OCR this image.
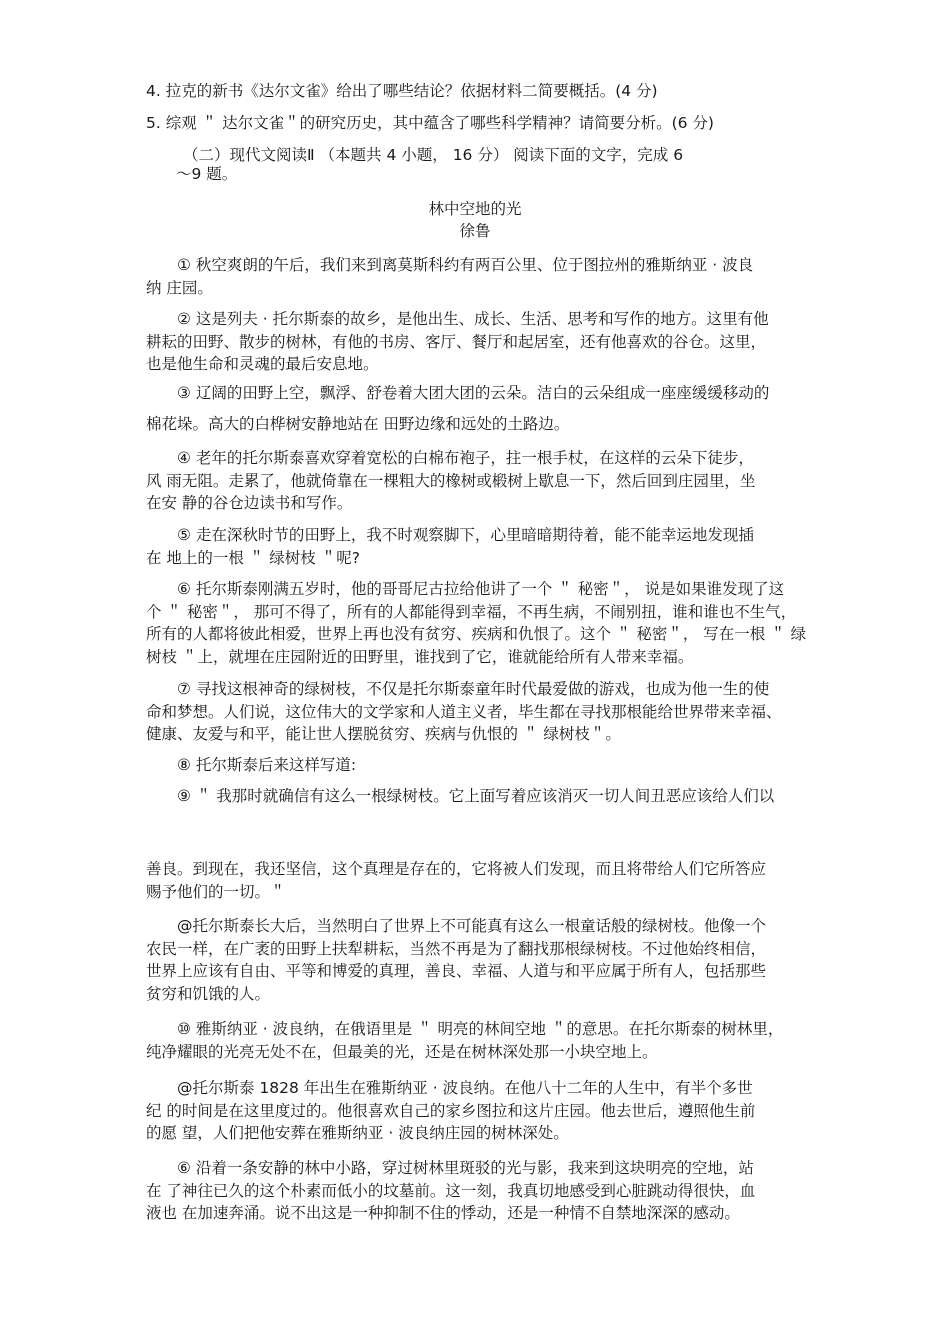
4. 拉克的新书《达尔文雀》给出了哪些结论？依据材料二简要概括。(4 分)
5. 综观 ＂ 达尔文雀＂的研究历史，其中蕴含了哪些科学精神？请简要分析。(6 分)
（二）现代文阅读Ⅱ （本题共 4 小题， 16 分） 阅读下面的文字，完成 6
～9 题。
林中空地的光
徐鲁
① 秋空爽朗的午后，我们来到离莫斯科约有两百公里、位于图拉州的雅斯纳亚 · 波良
纳 庄园。
② 这是列夫 · 托尔斯泰的故乡，是他出生、成长、生活、思考和写作的地方。这里有他
耕耘的田野、散步的树林，有他的书房、客厅、餐厅和起居室，还有他喜欢的谷仓。这里，
也是他生命和灵魂的最后安息地。
③ 辽阔的田野上空，飘浮、舒卷着大团大团的云朵。洁白的云朵组成一座座缓缓移动的
棉花垛。高大的白桦树安静地站在 田野边缘和远处的土路边。
④ 老年的托尔斯泰喜欢穿着宽松的白棉布袍子，拄一根手杖，在这样的云朵下徒步，
风 雨无阻。走累了，他就倚靠在一棵粗大的橡树或椴树上歇息一下，然后回到庄园里，坐
在安 静的谷仓边读书和写作。
⑤ 走在深秋时节的田野上，我不时观察脚下，心里暗暗期待着，能不能幸运地发现插
在 地上的一根 ＂ 绿树枝 ＂呢?
⑥ 托尔斯泰刚满五岁时，他的哥哥尼古拉给他讲了一个 ＂ 秘密＂， 说是如果谁发现了这
个 ＂ 秘密＂， 那可不得了，所有的人都能得到幸福，不再生病，不闹别扭，谁和谁也不生气，
所有的人都将彼此相爱，世界上再也没有贫穷、疾病和仇恨了。这个 ＂ 秘密＂， 写在一根 ＂ 绿
树枝 ＂上，就埋在庄园附近的田野里，谁找到了它，谁就能给所有人带来幸福。
⑦ 寻找这根神奇的绿树枝，不仅是托尔斯泰童年时代最爱做的游戏，也成为他一生的使
命和梦想。人们说，这位伟大的文学家和人道主义者，毕生都在寻找那根能给世界带来幸福、
健康、友爱与和平，能让世人摆脱贫穷、疾病与仇恨的 ＂ 绿树枝＂。
⑧ 托尔斯泰后来这样写道:
⑨ ＂ 我那时就确信有这么一根绿树枝。它上面写着应该消灭一切人间丑恶应该给人们以
善良。到现在，我还坚信，这个真理是存在的，它将被人们发现，而且将带给人们它所答应
赐予他们的一切。＂
@托尔斯泰长大后，当然明白了世界上不可能真有这么一根童话般的绿树枝。他像一个
农民一样，在广袤的田野上扶犁耕耘，当然不再是为了翻找那根绿树枝。不过他始终相信，
世界上应该有自由、平等和博爱的真理，善良、幸福、人道与和平应属于所有人，包括那些
贫穷和饥饿的人。
⑩ 雅斯纳亚 · 波良纳，在俄语里是 ＂ 明亮的林间空地 ＂的意思。在托尔斯泰的树林里，
纯净耀眼的光亮无处不在，但最美的光，还是在树林深处那一小块空地上。
@托尔斯泰 1828 年出生在雅斯纳亚 · 波良纳。在他八十二年的人生中，有半个多世
纪 的时间是在这里度过的。他很喜欢自己的家乡图拉和这片庄园。他去世后，遵照他生前
的愿 望，人们把他安葬在雅斯纳亚 · 波良纳庄园的树林深处。
⑥ 沿着一条安静的林中小路，穿过树林里斑驳的光与影，我来到这块明亮的空地，站
在 了神往已久的这个朴素而低小的坟墓前。这一刻，我真切地感受到心脏跳动得很快，血
液也 在加速奔涌。说不出这是一种抑制不住的悸动，还是一种情不自禁地深深的感动。
